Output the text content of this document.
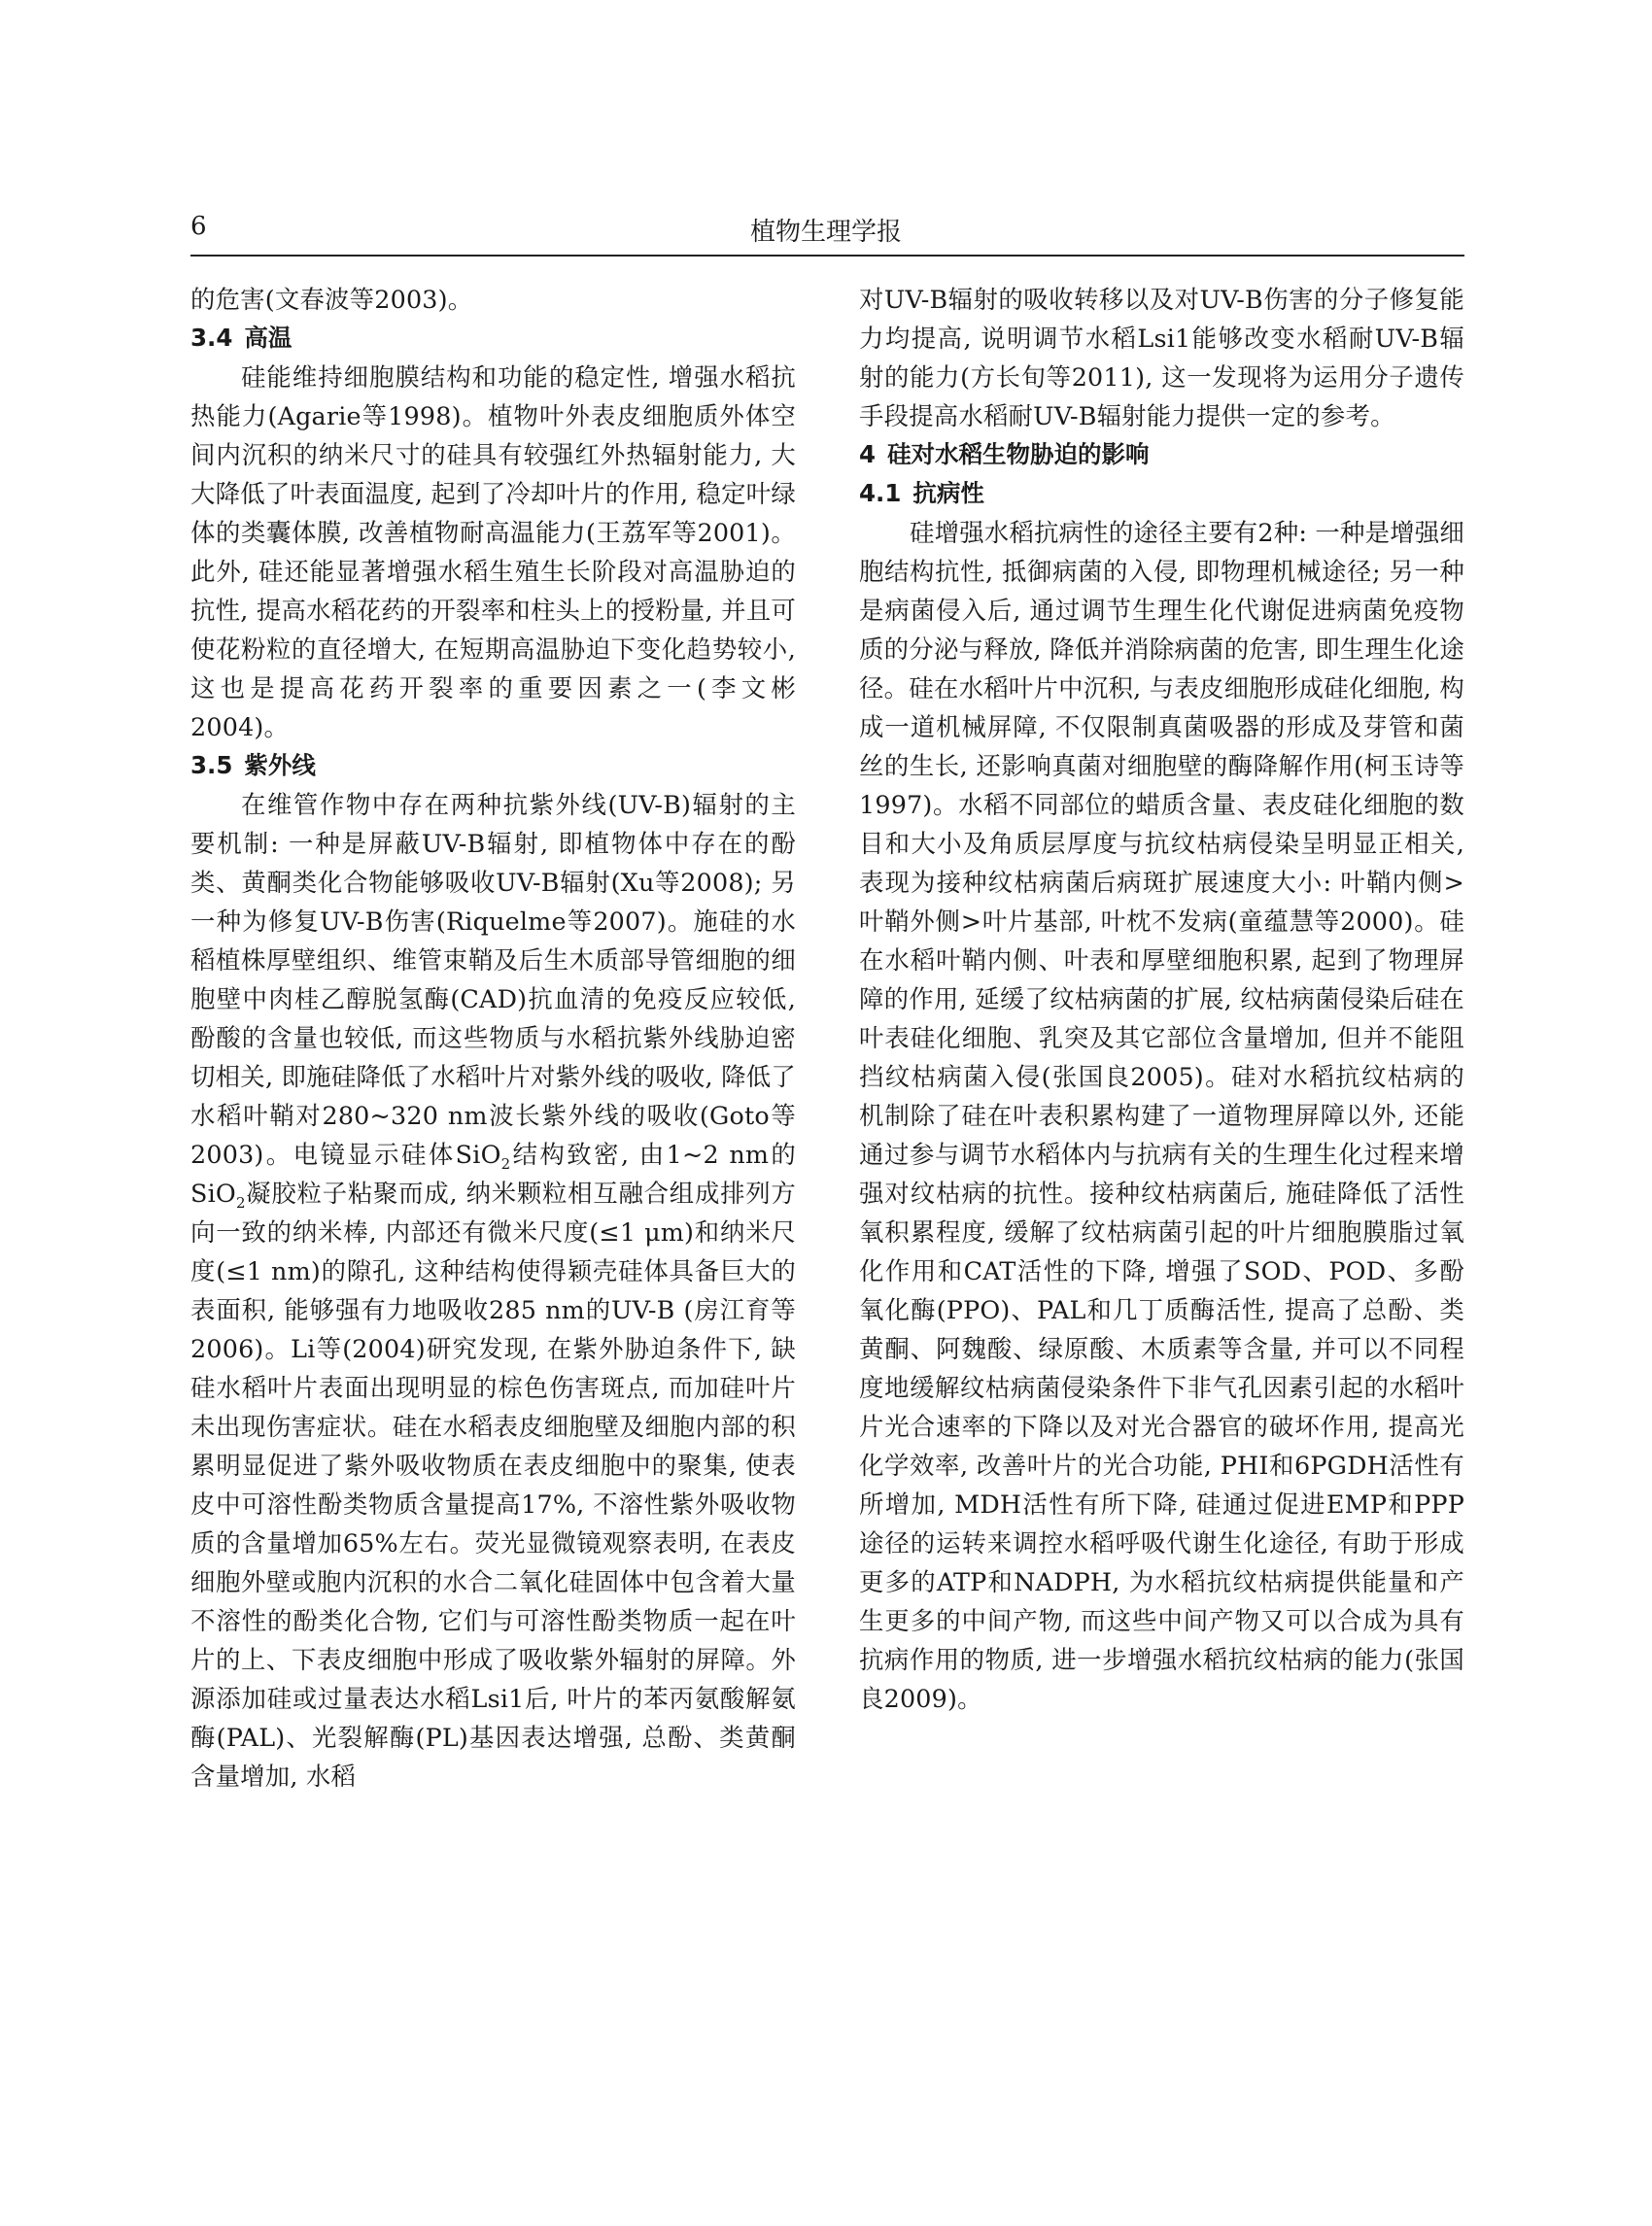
6	植物生理学报

的危害(文春波等2003)。

3.4 高温

硅能维持细胞膜结构和功能的稳定性, 增强水稻抗热能力(Agarie等1998)。植物叶外表皮细胞质外体空间内沉积的纳米尺寸的硅具有较强红外热辐射能力, 大大降低了叶表面温度, 起到了冷却叶片的作用, 稳定叶绿体的类囊体膜, 改善植物耐高温能力(王荔军等2001)。此外, 硅还能显著增强水稻生殖生长阶段对高温胁迫的抗性, 提高水稻花药的开裂率和柱头上的授粉量, 并且可使花粉粒的直径增大, 在短期高温胁迫下变化趋势较小, 这也是提高花药开裂率的重要因素之一(李文彬2004)。

3.5 紫外线

在维管作物中存在两种抗紫外线(UV-B)辐射的主要机制: 一种是屏蔽UV-B辐射, 即植物体中存在的酚类、黄酮类化合物能够吸收UV-B辐射(Xu等2008); 另一种为修复UV-B伤害(Riquelme等2007)。施硅的水稻植株厚壁组织、维管束鞘及后生木质部导管细胞的细胞壁中肉桂乙醇脱氢酶(CAD)抗血清的免疫反应较低, 酚酸的含量也较低, 而这些物质与水稻抗紫外线胁迫密切相关, 即施硅降低了水稻叶片对紫外线的吸收, 降低了水稻叶鞘对280~320 nm波长紫外线的吸收(Goto等2003)。电镜显示硅体SiO$_2$结构致密, 由1~2 nm的SiO$_2$凝胶粒子粘聚而成, 纳米颗粒相互融合组成排列方向一致的纳米棒, 内部还有微米尺度(≤1 μm)和纳米尺度(≤1 nm)的隙孔, 这种结构使得颖壳硅体具备巨大的表面积, 能够强有力地吸收285 nm的UV-B (房江育等2006)。Li等(2004)研究发现, 在紫外胁迫条件下, 缺硅水稻叶片表面出现明显的棕色伤害斑点, 而加硅叶片未出现伤害症状。硅在水稻表皮细胞壁及细胞内部的积累明显促进了紫外吸收物质在表皮细胞中的聚集, 使表皮中可溶性酚类物质含量提高17%, 不溶性紫外吸收物质的含量增加65%左右。荧光显微镜观察表明, 在表皮细胞外壁或胞内沉积的水合二氧化硅固体中包含着大量不溶性的酚类化合物, 它们与可溶性酚类物质一起在叶片的上、下表皮细胞中形成了吸收紫外辐射的屏障。外源添加硅或过量表达水稻Lsi1后, 叶片的苯丙氨酸解氨酶(PAL)、光裂解酶(PL)基因表达增强, 总酚、类黄酮含量增加, 水稻

对UV-B辐射的吸收转移以及对UV-B伤害的分子修复能力均提高, 说明调节水稻Lsi1能够改变水稻耐UV-B辐射的能力(方长旬等2011), 这一发现将为运用分子遗传手段提高水稻耐UV-B辐射能力提供一定的参考。

4 硅对水稻生物胁迫的影响

4.1 抗病性

硅增强水稻抗病性的途径主要有2种: 一种是增强细胞结构抗性, 抵御病菌的入侵, 即物理机械途径; 另一种是病菌侵入后, 通过调节生理生化代谢促进病菌免疫物质的分泌与释放, 降低并消除病菌的危害, 即生理生化途径。硅在水稻叶片中沉积, 与表皮细胞形成硅化细胞, 构成一道机械屏障, 不仅限制真菌吸器的形成及芽管和菌丝的生长, 还影响真菌对细胞壁的酶降解作用(柯玉诗等1997)。水稻不同部位的蜡质含量、表皮硅化细胞的数目和大小及角质层厚度与抗纹枯病侵染呈明显正相关, 表现为接种纹枯病菌后病斑扩展速度大小: 叶鞘内侧>叶鞘外侧>叶片基部, 叶枕不发病(童蕴慧等2000)。硅在水稻叶鞘内侧、叶表和厚壁细胞积累, 起到了物理屏障的作用, 延缓了纹枯病菌的扩展, 纹枯病菌侵染后硅在叶表硅化细胞、乳突及其它部位含量增加, 但并不能阻挡纹枯病菌入侵(张国良2005)。硅对水稻抗纹枯病的机制除了硅在叶表积累构建了一道物理屏障以外, 还能通过参与调节水稻体内与抗病有关的生理生化过程来增强对纹枯病的抗性。接种纹枯病菌后, 施硅降低了活性氧积累程度, 缓解了纹枯病菌引起的叶片细胞膜脂过氧化作用和CAT活性的下降, 增强了SOD、POD、多酚氧化酶(PPO)、PAL和几丁质酶活性, 提高了总酚、类黄酮、阿魏酸、绿原酸、木质素等含量, 并可以不同程度地缓解纹枯病菌侵染条件下非气孔因素引起的水稻叶片光合速率的下降以及对光合器官的破坏作用, 提高光化学效率, 改善叶片的光合功能, PHI和6PGDH活性有所增加, MDH活性有所下降, 硅通过促进EMP和PPP途径的运转来调控水稻呼吸代谢生化途径, 有助于形成更多的ATP和NADPH, 为水稻抗纹枯病提供能量和产生更多的中间产物, 而这些中间产物又可以合成为具有抗病作用的物质, 进一步增强水稻抗纹枯病的能力(张国良2009)。
